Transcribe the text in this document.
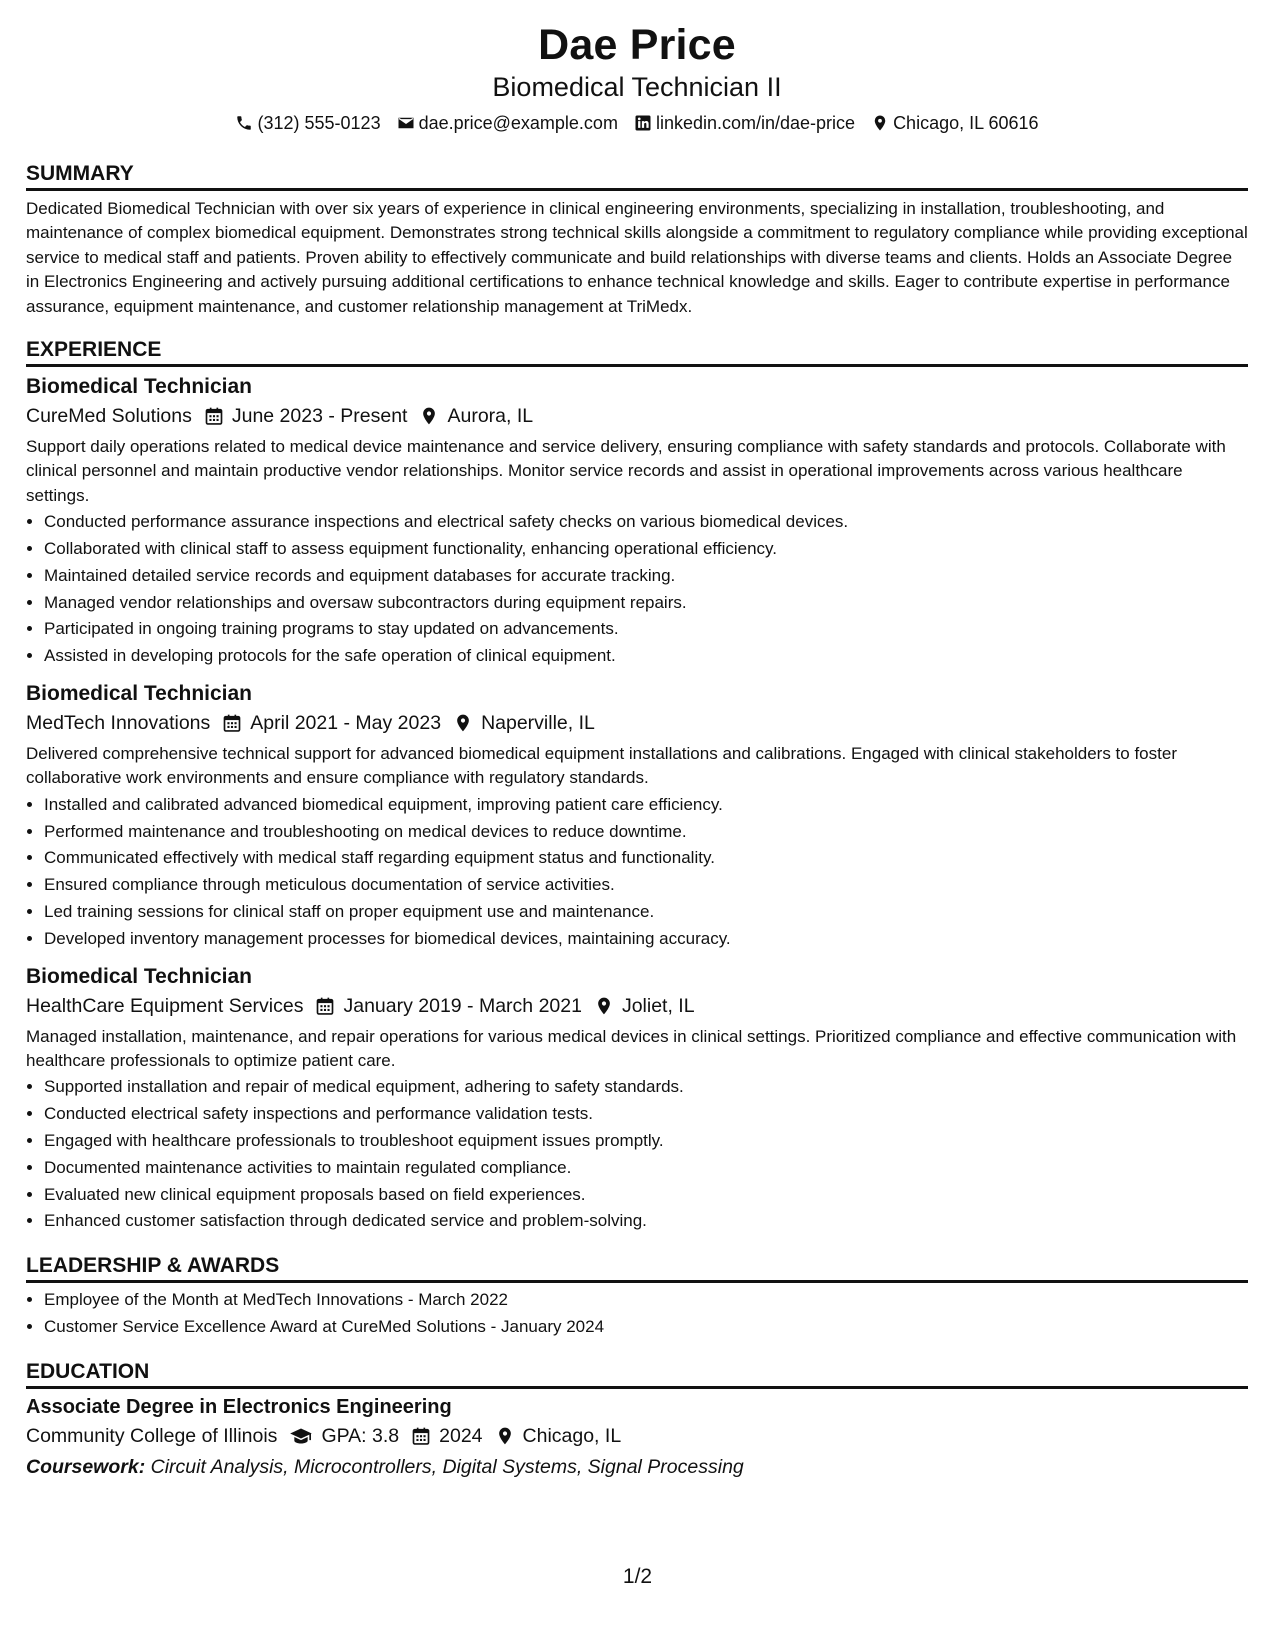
Dae Price
Biomedical Technician II
(312) 555-0123 dae.price@example.com linkedin.com/in/dae-price Chicago, IL 60616
SUMMARY
Dedicated Biomedical Technician with over six years of experience in clinical engineering environments, specializing in installation, troubleshooting, and maintenance of complex biomedical equipment. Demonstrates strong technical skills alongside a commitment to regulatory compliance while providing exceptional service to medical staff and patients. Proven ability to effectively communicate and build relationships with diverse teams and clients. Holds an Associate Degree in Electronics Engineering and actively pursuing additional certifications to enhance technical knowledge and skills. Eager to contribute expertise in performance assurance, equipment maintenance, and customer relationship management at TriMedx.
EXPERIENCE
Biomedical Technician
CureMed Solutions June 2023 - Present Aurora, IL
Support daily operations related to medical device maintenance and service delivery, ensuring compliance with safety standards and protocols. Collaborate with clinical personnel and maintain productive vendor relationships. Monitor service records and assist in operational improvements across various healthcare settings.
• Conducted performance assurance inspections and electrical safety checks on various biomedical devices.
• Collaborated with clinical staff to assess equipment functionality, enhancing operational efficiency.
• Maintained detailed service records and equipment databases for accurate tracking.
• Managed vendor relationships and oversaw subcontractors during equipment repairs.
• Participated in ongoing training programs to stay updated on advancements.
• Assisted in developing protocols for the safe operation of clinical equipment.
Biomedical Technician
MedTech Innovations April 2021 - May 2023 Naperville, IL
Delivered comprehensive technical support for advanced biomedical equipment installations and calibrations. Engaged with clinical stakeholders to foster collaborative work environments and ensure compliance with regulatory standards.
• Installed and calibrated advanced biomedical equipment, improving patient care efficiency.
• Performed maintenance and troubleshooting on medical devices to reduce downtime.
• Communicated effectively with medical staff regarding equipment status and functionality.
• Ensured compliance through meticulous documentation of service activities.
• Led training sessions for clinical staff on proper equipment use and maintenance.
• Developed inventory management processes for biomedical devices, maintaining accuracy.
Biomedical Technician
HealthCare Equipment Services January 2019 - March 2021 Joliet, IL
Managed installation, maintenance, and repair operations for various medical devices in clinical settings. Prioritized compliance and effective communication with healthcare professionals to optimize patient care.
• Supported installation and repair of medical equipment, adhering to safety standards.
• Conducted electrical safety inspections and performance validation tests.
• Engaged with healthcare professionals to troubleshoot equipment issues promptly.
• Documented maintenance activities to maintain regulated compliance.
• Evaluated new clinical equipment proposals based on field experiences.
• Enhanced customer satisfaction through dedicated service and problem-solving.
LEADERSHIP & AWARDS
• Employee of the Month at MedTech Innovations - March 2022
• Customer Service Excellence Award at CureMed Solutions - January 2024
EDUCATION
Associate Degree in Electronics Engineering
Community College of Illinois GPA: 3.8 2024 Chicago, IL
Coursework: Circuit Analysis, Microcontrollers, Digital Systems, Signal Processing
1/2
